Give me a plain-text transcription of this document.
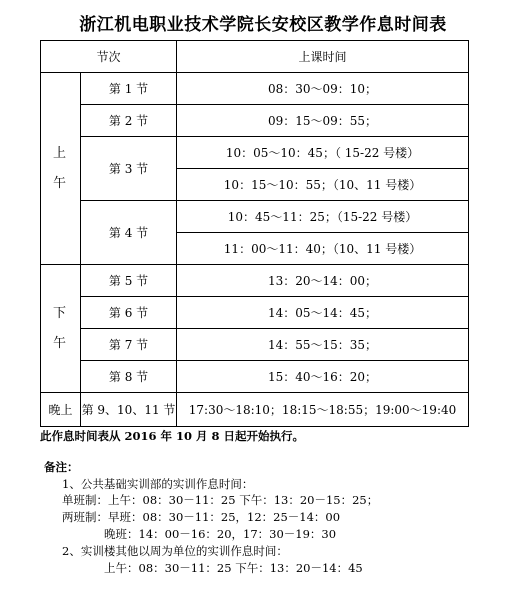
浙江机电职业技术学院长安校区教学作息时间表
节次		上课时间
上
午	第 1 节	08：30～09：10；
	第 2 节	09：15～09：55；
	第 3 节	10：05～10：45；（ 15-22 号楼）
		10：15～10：55；（10、11 号楼）
	第 4 节	10：45～11：25；（15-22 号楼）
		11：00～11：40；（10、11 号楼）
下
午	第 5 节	13：20～14：00；
	第 6 节	14：05～14：45；
	第 7 节	14：55～15：35；
	第 8 节	15：40～16：20；
晚上	第 9、10、11 节	17:30～18:10；18:15～18:55；19:00～19:40
此作息时间表从 2016 年 10 月 8 日起开始执行。
备注：
1、公共基础实训部的实训作息时间：
单班制：上午：08：30－11：25 下午：13：20－15：25；
两班制：早班：08：30－11：25，12：25－14：00
晚班：14：00－16：20，17：30－19：30
2、实训楼其他以周为单位的实训作息时间：
上午：08：30－11：25 下午：13：20－14：45
